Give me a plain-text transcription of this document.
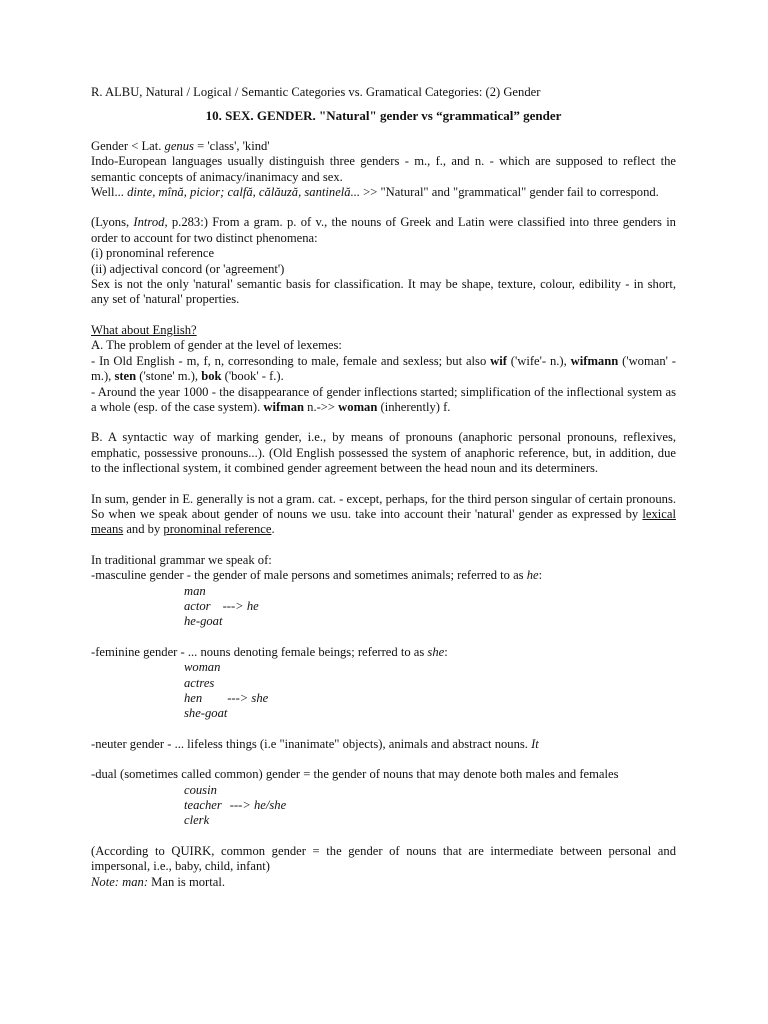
R. ALBU, Natural / Logical / Semantic Categories vs. Gramatical Categories: (2) Gender

10. SEX. GENDER. "Natural" gender vs “grammatical” gender

Gender < Lat. genus = 'class', 'kind'

Indo-European languages usually distinguish three genders - m., f., and n. - which are supposed to reflect the semantic concepts of animacy/inanimacy and sex.

Well... dinte, mînă, picior; calfă, călăuză, santinelă... >> "Natural" and "grammatical" gender fail to correspond.

(Lyons, Introd, p.283:) From a gram. p. of v., the nouns of Greek and Latin were classified into three genders in order to account for two distinct phenomena:

(i) pronominal reference

(ii) adjectival concord (or 'agreement')

Sex is not the only 'natural' semantic basis for classification. It may be shape, texture, colour, edibility - in short, any set of 'natural' properties.

What about English?

A. The problem of gender at the level of lexemes:

- In Old English - m, f, n, corresonding to male, female and sexless; but also wif ('wife'- n.), wifmann ('woman' - m.), sten ('stone' m.), bok ('book' - f.).

- Around the year 1000 - the disappearance of gender inflections started; simplification of the inflectional system as a whole (esp. of the case system). wifman n.->> woman (inherently) f.

B. A syntactic way of marking gender, i.e., by means of pronouns (anaphoric personal pronouns, reflexives, emphatic, possessive pronouns...). (Old English possessed the system of anaphoric reference, but, in addition, due to the inflectional system, it combined gender agreement between the head noun and its determiners.

In sum, gender in E. generally is not a gram. cat. - except, perhaps, for the third person singular of certain pronouns. So when we speak about gender of nouns we usu. take into account their 'natural' gender as expressed by lexical means and by pronominal reference.

In traditional grammar we speak of:

-masculine gender - the gender of male persons and sometimes animals; referred to as he:

man

actor ---> he

he-goat

-feminine gender - ... nouns denoting female beings; referred to as she:

woman

actres

hen ---> she

she-goat

-neuter gender - ... lifeless things (i.e "inanimate" objects), animals and abstract nouns. It

-dual (sometimes called common) gender = the gender of nouns that may denote both males and females

cousin

teacher ---> he/she

clerk

(According to QUIRK, common gender = the gender of nouns that are intermediate between personal and impersonal, i.e., baby, child, infant)

Note: man: Man is mortal.
